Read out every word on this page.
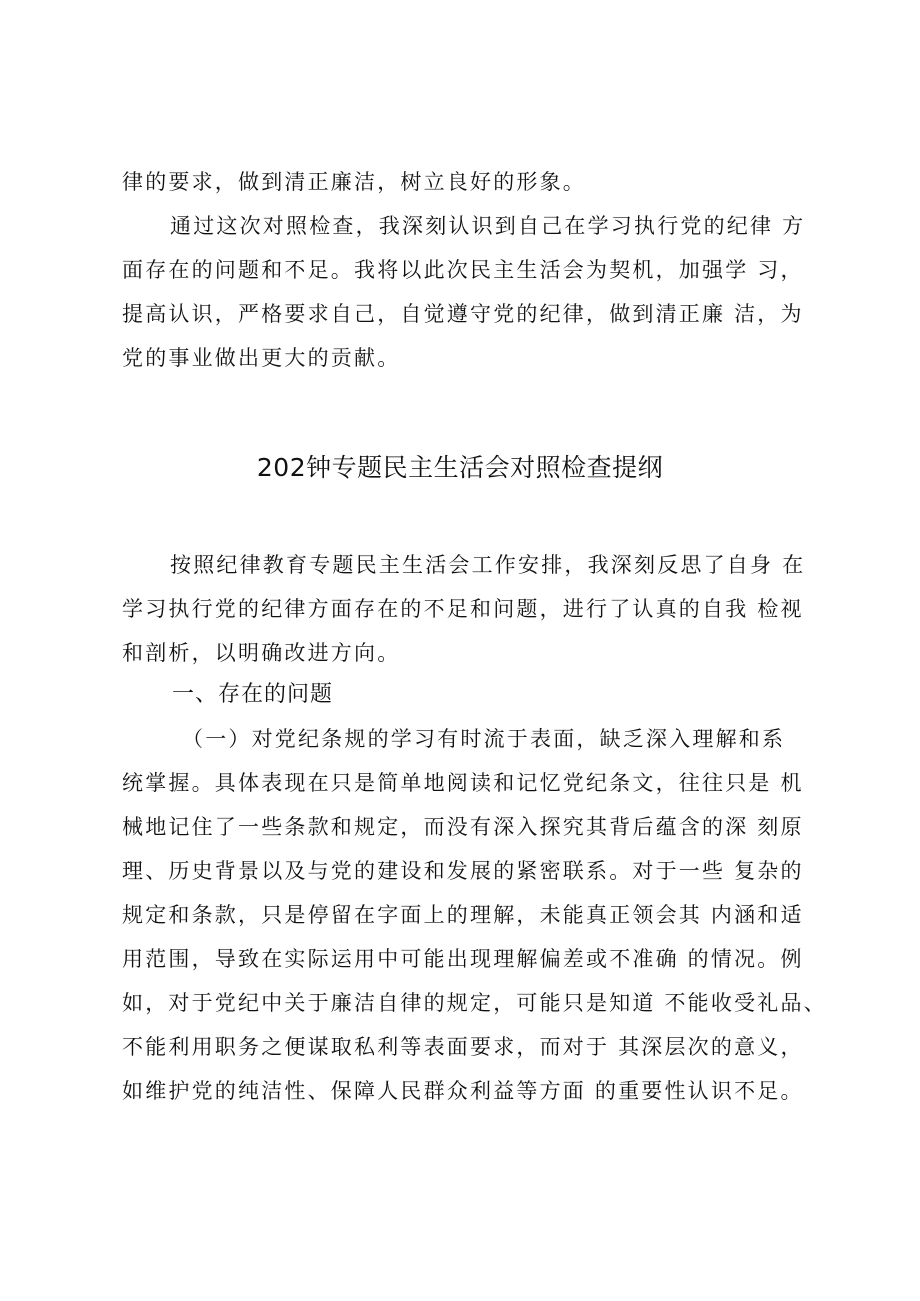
律的要求，做到清正廉洁，树立良好的形象。
通过这次对照检查，我深刻认识到自己在学习执行党的纪律 方
面存在的问题和不足。我将以此次民主生活会为契机，加强学 习，
提高认识，严格要求自己，自觉遵守党的纪律，做到清正廉 洁，为
党的事业做出更大的贡献。
202钟专题民主生活会对照检查提纲
按照纪律教育专题民主生活会工作安排，我深刻反思了自身 在
学习执行党的纪律方面存在的不足和问题，进行了认真的自我 检视
和剖析，以明确改进方向。
一、存在的问题
（一）对党纪条规的学习有时流于表面，缺乏深入理解和系
统掌握。具体表现在只是简单地阅读和记忆党纪条文，往往只是 机
械地记住了一些条款和规定，而没有深入探究其背后蕴含的深 刻原
理、历史背景以及与党的建设和发展的紧密联系。对于一些 复杂的
规定和条款，只是停留在字面上的理解，未能真正领会其 内涵和适
用范围，导致在实际运用中可能出现理解偏差或不准确 的情况。例
如，对于党纪中关于廉洁自律的规定，可能只是知道 不能收受礼品、
不能利用职务之便谋取私利等表面要求，而对于 其深层次的意义，
如维护党的纯洁性、保障人民群众利益等方面 的重要性认识不足。
